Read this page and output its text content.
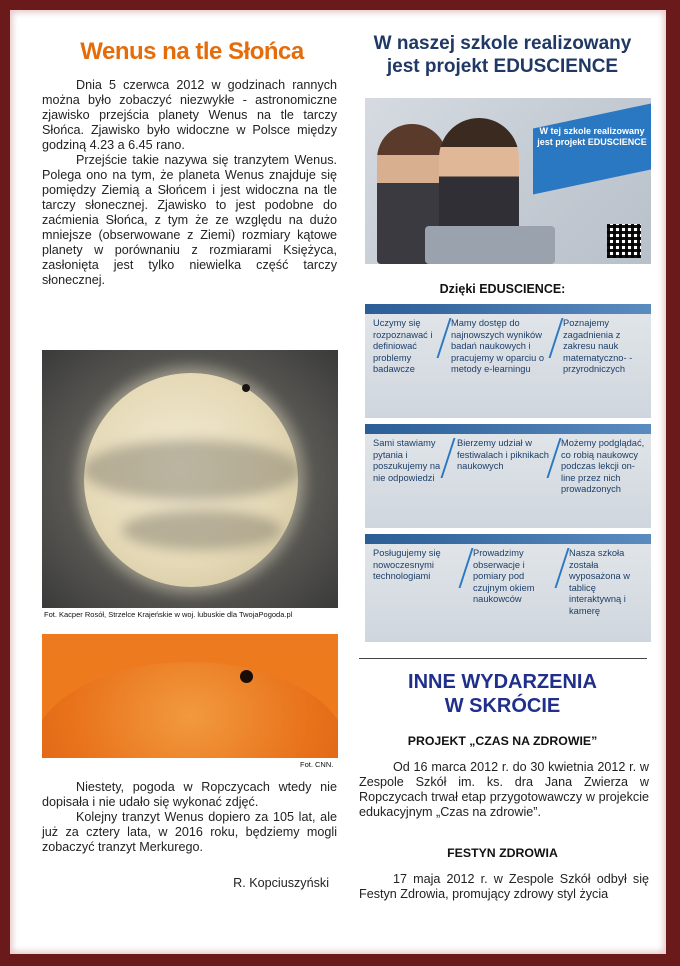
Wenus na tle Słońca

Dnia 5 czerwca 2012 w godzinach rannych można było zobaczyć niezwykłe - astronomiczne zjawisko przejścia planety Wenus na tle tarczy Słońca. Zjawisko było widoczne w Polsce między godziną 4.23 a 6.45 rano.

Przejście takie nazywa się tranzytem Wenus. Polega ono na tym, że planeta Wenus znajduje się pomiędzy Ziemią a Słońcem i jest widoczna na tle tarczy słonecznej. Zjawisko to jest podobne do zaćmienia Słońca, z tym że ze względu na dużo mniejsze (obserwowane z Ziemi) rozmiary kątowe planety w porównaniu z rozmiarami Księżyca, zasłonięta jest tylko niewielka część tarczy słonecznej.

Fot. Kacper Rosół, Strzelce Krajeńskie w woj. lubuskie dla TwojaPogoda.pl
Fot. CNN.

Niestety, pogoda w Ropczycach wtedy nie dopisała i nie udało się wykonać zdjęć.

Kolejny tranzyt Wenus dopiero za 105 lat, ale już za cztery lata, w 2016 roku, będziemy mogli zobaczyć tranzyt Merkurego.

R. Kopciuszyński
W naszej szkole realizowany
jest projekt EDUSCIENCE
W tej szkole realizowany jest projekt EDUSCIENCE
Dzięki EDUSCIENCE:
Uczymy się rozpoznawać i definiować problemy badawcze
Mamy dostęp do najnowszych wyników badań naukowych i pracujemy w oparciu o metody e-learningu
Poznajemy zagadnienia z zakresu nauk matematyczno- -przyrodniczych
Sami stawiamy pytania i poszukujemy na nie odpowiedzi
Bierzemy udział w festiwalach i piknikach naukowych
Możemy podglądać, co robią naukowcy podczas lekcji on-line przez nich prowadzonych
Posługujemy się nowoczesnymi technologiami
Prowadzimy obserwacje i pomiary pod czujnym okiem naukowców
Nasza szkoła została wyposażona w tablicę interaktywną i kamerę
INNE WYDARZENIA
W SKRÓCIE
PROJEKT „CZAS NA ZDROWIE”

Od 16 marca 2012 r. do 30 kwietnia 2012 r. w Zespole Szkół im. ks. dra Jana Zwierza w Ropczycach trwał etap przygotowawczy w projekcie edukacyjnym „Czas na zdrowie”.

FESTYN ZDROWIA

17 maja 2012 r. w Zespole Szkół odbył się Festyn Zdrowia, promujący zdrowy styl życia
